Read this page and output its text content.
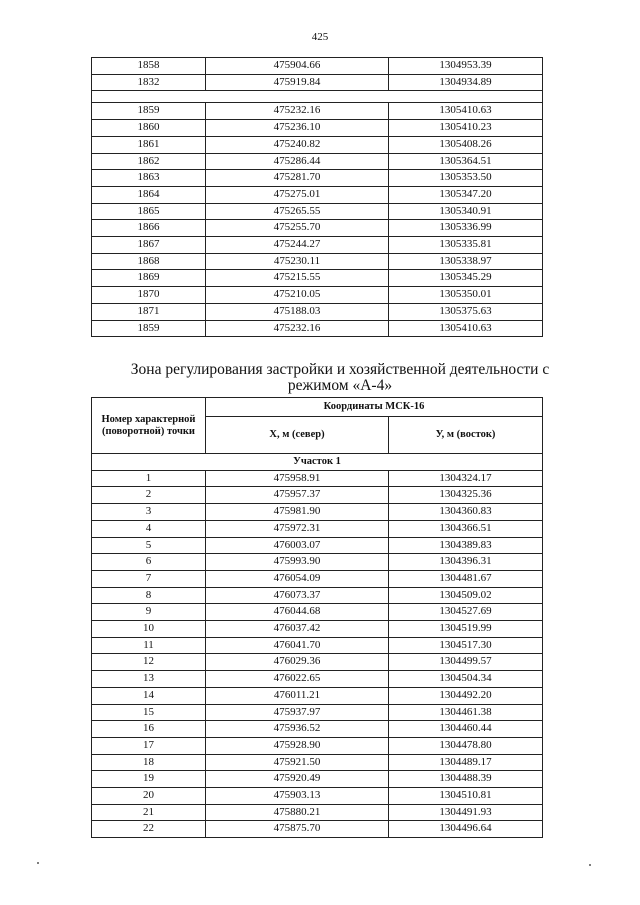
425
1858	475904.66	1304953.39
1832	475919.84	1304934.89

1859	475232.16	1305410.63
1860	475236.10	1305410.23
1861	475240.82	1305408.26
1862	475286.44	1305364.51
1863	475281.70	1305353.50
1864	475275.01	1305347.20
1865	475265.55	1305340.91
1866	475255.70	1305336.99
1867	475244.27	1305335.81
1868	475230.11	1305338.97
1869	475215.55	1305345.29
1870	475210.05	1305350.01
1871	475188.03	1305375.63
1859	475232.16	1305410.63
Зона регулирования застройки и хозяйственной деятельности с
режимом «А-4»
Номер характерной (поворотной) точки	Координаты МСК-16	
	X, м (север)	У, м (восток)
Участок 1		
1	475958.91	1304324.17
2	475957.37	1304325.36
3	475981.90	1304360.83
4	475972.31	1304366.51
5	476003.07	1304389.83
6	475993.90	1304396.31
7	476054.09	1304481.67
8	476073.37	1304509.02
9	476044.68	1304527.69
10	476037.42	1304519.99
11	476041.70	1304517.30
12	476029.36	1304499.57
13	476022.65	1304504.34
14	476011.21	1304492.20
15	475937.97	1304461.38
16	475936.52	1304460.44
17	475928.90	1304478.80
18	475921.50	1304489.17
19	475920.49	1304488.39
20	475903.13	1304510.81
21	475880.21	1304491.93
22	475875.70	1304496.64
